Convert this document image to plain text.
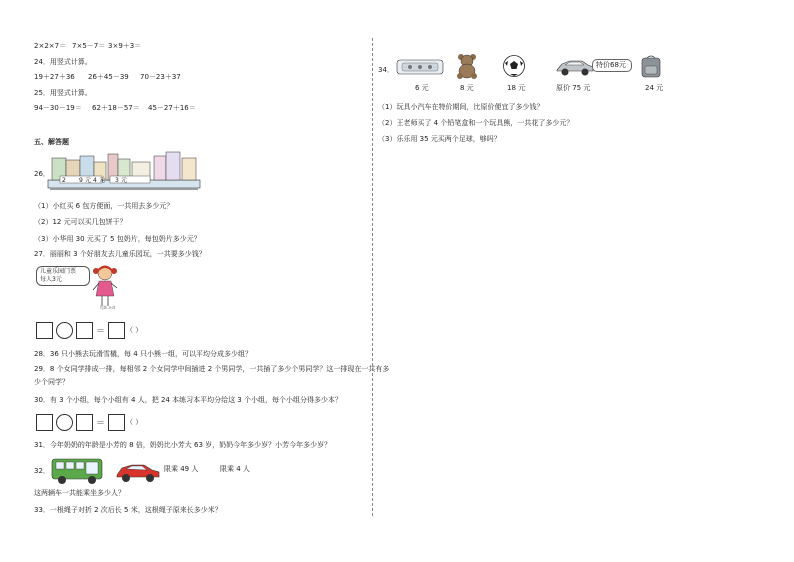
2×2×7＝ 7×5－7＝ 3×9＋3＝
24．用竖式计算。
19＋27＋36 26＋45－39 70－23＋37
25．用竖式计算。
94－30－19＝ 62＋18－57＝ 45－27＋16＝
五、解答题
26．
2 9 元 4 元 3 元
（1）小红买 6 包方便面，一共用去多少元？
（2）12 元可以买几包饼干？
（3）小华用 30 元买了 5 包奶片，每包奶片多少元？
27．丽丽和 3 个好朋友去儿童乐园玩，一共要多少钱？
儿童乐园门票
每人3元
hjtk.net
＝	（ ）
28．36 只小熊去玩滑雪橇，每 4 只小熊一组，可以平均分成多少组？
29．8 个女同学排成一排，每相邻 2 个女同学中间插进 2 个男同学，一共插了多少个男同学？这一排现在一共有多
少个同学？
30．有 3 个小组，每个小组有 4 人，把 24 本练习本平均分给这 3 个小组，每个小组分得多少本？
＝	（ ）
31．今年奶奶的年龄是小芳的 8 倍，奶奶比小芳大 63 岁，奶奶今年多少岁？小芳今年多少岁？
32．	限乘 49 人	限乘 4 人
这两辆车一共能乘坐多少人？
33．一根绳子对折 2 次后长 5 米，这根绳子原来长多少米？
34．
特价68元
6 元	8 元	18 元	原价 75 元	24 元
（1）玩具小汽车在特价期间，比原价便宜了多少钱？
（2）王老师买了 4 个铅笔盒和一个玩具熊，一共花了多少元？
（3）乐乐用 35 元买两个足球，够吗？
